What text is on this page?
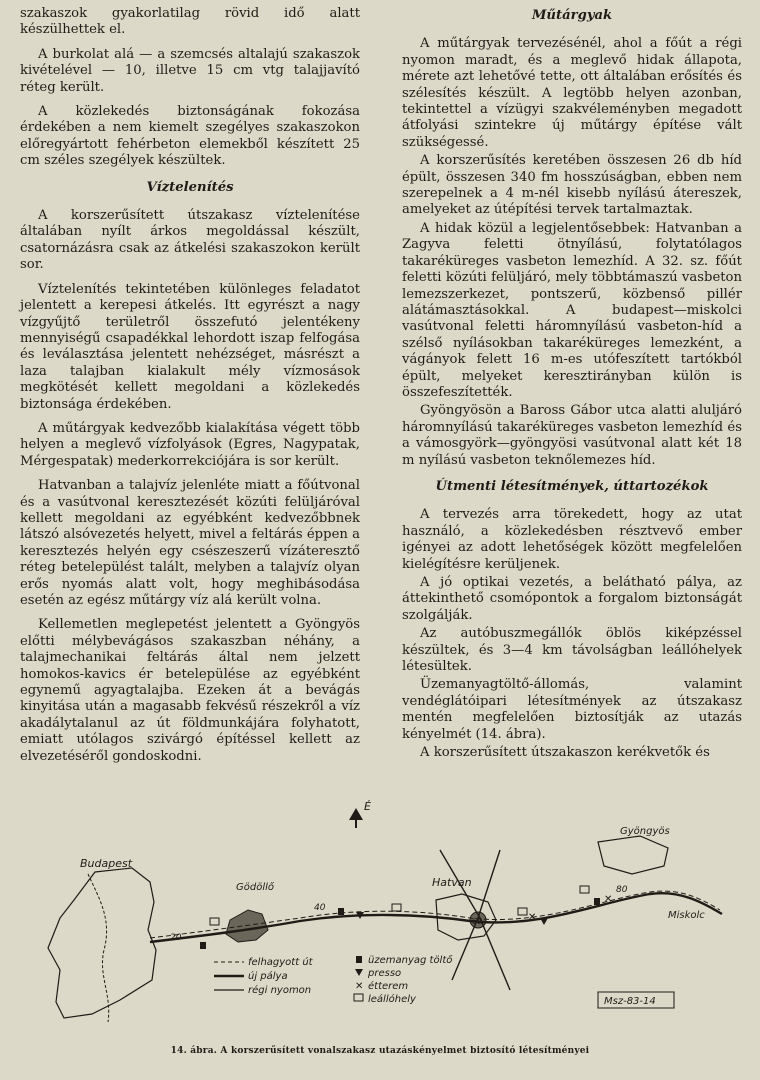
szakaszok gyakorlatilag rövid idő alatt készülhettek el.

A burkolat alá — a szemcsés altalajú szakaszok kivételével — 10, illetve 15 cm vtg talajjavító réteg került.

A közlekedés biztonságának fokozása érdekében a nem kiemelt szegélyes szakaszokon előregyártott fehérbeton elemekből készített 25 cm széles szegélyek készültek.

Víztelenítés

A korszerűsített útszakasz víztelenítése általában nyílt árkos megoldással készült, csatornázásra csak az átkelési szakaszokon került sor.

Víztelenítés tekintetében különleges feladatot jelentett a kerepesi átkelés. Itt egyrészt a nagy vízgyűjtő területről összefutó jelentékeny mennyiségű csapadékkal lehordott iszap felfogása és leválasztása jelentett nehézséget, másrészt a laza talajban kialakult mély vízmosások megkötését kellett megoldani a közlekedés biztonsága érdekében.

A műtárgyak kedvezőbb kialakítása végett több helyen a meglevő vízfolyások (Egres, Nagypatak, Mérgespatak) mederkorrekciójára is sor került.

Hatvanban a talajvíz jelenléte miatt a főútvonal és a vasútvonal keresztezését közúti felüljáróval kellett megoldani az egyébként kedvezőbbnek látszó alsóvezetés helyett, mivel a feltárás éppen a keresztezés helyén egy csészeszerű vízáteresztő réteg betelepülést talált, melyben a talajvíz olyan erős nyomás alatt volt, hogy meghibásodása esetén az egész műtárgy víz alá került volna.

Kellemetlen meglepetést jelentett a Gyöngyös előtti mélybevágásos szakaszban néhány, a talajmechanikai feltárás által nem jelzett homokos-kavics ér betelepülése az egyébként egynemű agyagtalajba. Ezeken át a bevágás kinyitása után a magasabb fekvésű részekről a víz akadálytalanul az út földmunkájára folyhatott, emiatt utólagos szivárgó építéssel kellett az elvezetéséről gondoskodni.

Műtárgyak

A műtárgyak tervezésénél, ahol a főút a régi nyomon maradt, és a meglevő hidak állapota, mérete azt lehetővé tette, ott általában erősítés és szélesítés készült. A legtöbb helyen azonban, tekintettel a vízügyi szakvéleményben megadott átfolyási szintekre új műtárgy építése vált szükségessé.

A korszerűsítés keretében összesen 26 db híd épült, összesen 340 fm hosszúságban, ebben nem szerepelnek a 4 m-nél kisebb nyílású átereszek, amelyeket az útépítési tervek tartalmaztak.

A hidak közül a legjelentősebbek: Hatvanban a Zagyva feletti ötnyílású, folytatólagos takaréküreges vasbeton lemezhíd. A 32. sz. főút feletti közúti felüljáró, mely többtámaszú vasbeton lemezszerkezet, pontszerű, közbenső pillér alátámasztásokkal. A budapest—miskolci vasútvonal feletti háromnyílású vasbeton-híd a szélső nyílásokban takaréküreges lemezként, a vágányok felett 16 m-es utófeszített tartókból épült, melyeket keresztirányban külön is összefeszítették.

Gyöngyösön a Baross Gábor utca alatti aluljáró háromnyílású takaréküreges vasbeton lemezhíd és a vámosgyörk—gyöngyösi vasútvonal alatt két 18 m nyílású vasbeton teknőlemezes híd.

Útmenti létesítmények, úttartozékok

A tervezés arra törekedett, hogy az utat használó, a közlekedésben résztvevő ember igényei az adott lehetőségek között megfelelően kielégítésre kerüljenek.

A jó optikai vezetés, a belátható pálya, az áttekinthető csomópontok a forgalom biztonságát szolgálják.

Az autóbuszmegállók öblös kiképzéssel készültek, és 3—4 km távolságban leállóhelyek létesültek.

Üzemanyagtöltő-állomás, valamint vendéglátóipari létesítmények az útszakasz mentén megfelelően biztosítják az utazás kényelmét (14. ábra).

A korszerűsített útszakaszon kerékvetők és

É
Budapest
Gödöllő	Hatvan
Gyöngyös
Miskolc
20
40
60
80
✕
✕
felhagyott út
új pálya
régi nyomon
üzemanyag töltő
presso
✕ étterem
leállóhely	Msz-83-14
14. ábra. A korszerűsített vonalszakasz utazáskényelmet biztosító létesítményei
